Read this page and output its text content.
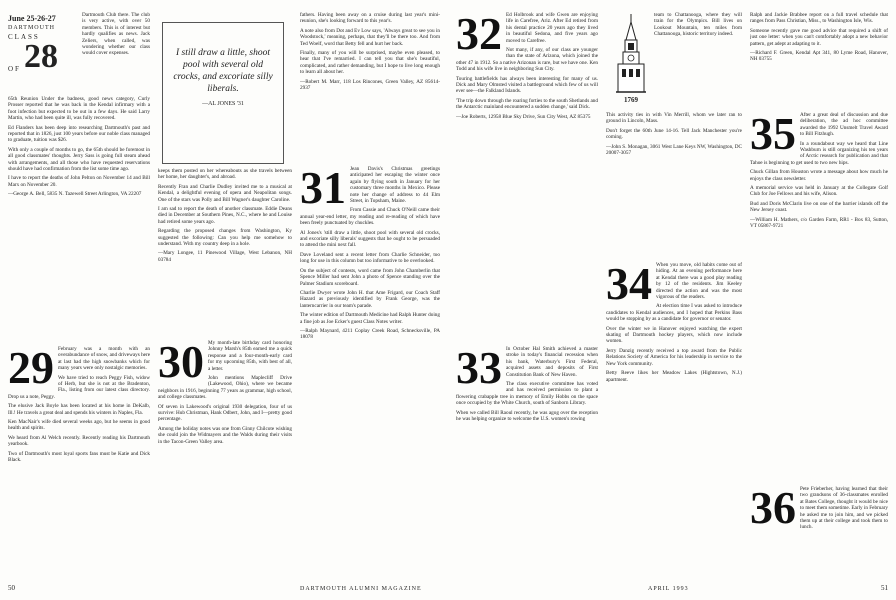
June 25-26-27
DARTMOUTH
CLASS
OF 28

Dartmouth Club there. The club is very active, with over 50 members. This is of interest but hardly qualifies as news. Jack Zeliers, when called, was wondering whether our class would cover expenses.

65th Reunion Under the badness, good news category, Curly Prosser reported that he was back in the Kendal infirmary with a foot infection but expected to be out in a few days. He said Larry Martin, who had been quite ill, was fully recovered.

Ed Flanders has been deep into researching Dartmouth's past and reported that in 1826, just 100 years before our noble class managed to graduate, tuition was $26.

With only a couple of months to go, the 65th should be foremost in all good classmates' thoughts. Jerry Sass is going full steam ahead with arrangements, and all those who have requested reservations should have had confirmation from the list some time ago.

I have to report the deaths of John Pelton on November 14 and Bill Marx on November 20.

—George A. Bell, 5835 N. Tazewell Street Arlington, VA 22207

29 February was a month with an overabundance of snow, and driveways here at last had the high snowbanks which for many years were only nostalgic memories.

We have tried to reach Peggy Fish, widow of Herb, but she is not at the Bradenton, Fla., listing from our latest class directory. Drop us a note, Peggy.

The elusive Jack Boyle has been located at his home in DeKalb, Ill.! He travels a great deal and spends his winters in Naples, Fla.

Ken MacNair's wife died several weeks ago, but he seems in good health and spirits.

We heard from Al Welch recently. Recently reading his Dartmouth yearbook.

Two of Dartmouth's most loyal sports fans must be Katie and Dick Black.

I still draw a little, shoot pool with several old crocks, and excoriate silly liberals.
—AL JONES '31

keeps them posted on her whereabouts as she travels between her home, her daughter's, and abroad.

Recently Fran and Charlie Dudley invited me to a musical at Kendal, a delightful evening of opera and Neapolitan songs. One of the stars was Polly and Bill Wagner's daughter Caroline.

I am sad to report the death of another classmate. Eddie Deans died in December at Southern Pines, N.C., where he and Louise had retired some years ago.

Regarding the proposed changes from Washington, Ky suggested the following: Can you help me somehow to understand. With my country deep in a hole.

—Mary Longee, 11 Pinewood Village, West Lebanon, NH 03784

30 My month-late birthday card honoring Johnny Marsh's 85th earned me a quick response and a four-month-early card for my upcoming 85th, with best of all, a letter.

John mentions Maplecliff Drive (Lakewood, Ohio), where we became neighbors in 1916, beginning 77 years as grammar, high school, and college classmates.

Of seven in Lakewood's original 1930 delegation, four of us survive: Hub Christman, Hank Odbert, John, and I—pretty good percentage.

Among the holiday notes was one from Ginny Chilcote wishing she could join the Widmayers and the Walds during their visits in the Tacon-Green Valley area.

fathers. Having been away on a cruise during last year's mini-reunion, she's looking forward to this year's.

A note also from Dot and Ev Low says, 'Always great to see you in Woodstock,' meaning, perhaps, that they'll be there too. And from Ted Woelf, word that Betty fell and hurt her back.

Finally, many of you will be surprised, maybe even pleased, to hear that I've remarried. I can tell you that she's beautiful, complicated, and rather demanding, but I hope to live long enough to learn all about her.

—Robert M. Marr, 118 Los Rincones, Green Valley, AZ 85614-2937

31 Jean Davis's Christmas greetings anticipated her escaping the winter once again by flying south in January for her customary three months in Mexico. Please note her change of address to 44 Elm Street, in Topsham, Maine.

From Cassie and Chuck O'Neill came their annual year-end letter, my reading and re-reading of which have been freely punctuated by chuckles.

Al Jones's 'still draw a little, shoot pool with several old crocks, and excoriate silly liberals' suggests that he ought to be persuaded to attend the mini next fall.

Dave Loveland sent a recent letter from Charlie Schneider, too long for use in this column but too informative to be overlooked.

On the subject of contests, word came from John Chamberlin that Spence Miller had sent John a photo of Spence standing over the Palmer Stadium scoreboard.

Charlie Dwyer wrote John H. that Ame Frigard, our Coach Staff Hazard as previously identified by Frank George, was the lanterncarrier in our team's parade.

The winter edition of Dartmouth Medicine had Ralph Hunter doing a fine job as Joe Ecker's guest Class Notes writer.

—Ralph Maynard, 4211 Coplay Creek Road, Schnecksville, PA 18078

50	DARTMOUTH ALUMNI MAGAZINE
32 Ed Holbrook and wife Gwen are enjoying life in Carefree, Ariz. After Ed retired from his dental practice 20 years ago they lived in beautiful Sedona, and five years ago moved to Carefree.

Not many, if any, of our class are younger than the state of Arizona, which joined the other 47 in 1912. So a native Arizonan is rare, but we have one. Ken Todd and his wife live in neighboring Sun City.

Touring battlefields has always been interesting for many of us. Dick and Mary Olmsted visited a battleground which few of us will ever see—the Falkland Islands.

'The trip down through the roaring forties to the south Shetlands and the Antarctic mainland encountered a sudden change,' said Dick.

—Joe Roberts, 12958 Blue Sky Drive, Sun City West, AZ 85375

33 In October Hal Smith achieved a master stroke in today's financial recession when his bank, Waterbury's First Federal, acquired assets and deposits of First Constitution Bank of New Haven.

The class executive committee has voted and has received permission to plant a flowering crabapple tree in memory of Emily Hobbs on the space once occupied by the White Church, south of Sanborn Library.

When we called Bill Raoul recently, he was agog over the reception he was helping organize to welcome the U.S. women's rowing

team to Chattanooga, where they will train for the Olympics. Bill lives on Lookout Mountain, ten miles from Chattanooga, historic territory indeed.

This activity ties in with Vin Merrill, whom we later ran to ground in Lincoln, Mass.

Don't forget the 60th June 14-16. Tell Jack Manchester you're coming.

—John S. Monagan, 3061 West Lane Keys NW, Washington, DC 20007-3057

34 When you move, old habits come out of hiding. At an evening performance here at Kendal there was a good play reading by 12 of the residents. Jim Keeley directed the action and was the most vigorous of the readers.

At election time I was asked to introduce candidates to Kendal audiences, and I hoped that Perkins Bass would be stopping by as a candidate for governor or senator.

Over the winter we in Hanover enjoyed watching the expert skating of Dartmouth hockey players, which now include women.

Jerry Danzig recently received a top award from the Public Relations Society of America for his leadership in service to the New York community.

Betty Reeve likes her Meadow Lakes (Hightstown, N.J.) apartment.

Ralph and Jackie Brabbee report on a full travel schedule that ranges from Pass Christian, Miss., to Washington Isle, Wis.

Someone recently gave me good advice that required a shift of just one letter: when you can't comfortably adopt a new behavior pattern, get adept at adapting to it.

—Richard F. Green, Kendal Apt 341, 80 Lyme Road, Hanover, NH 03755

35 After a great deal of discussion and due deliberation, the ad hoc committee awarded the 1992 Unsmelt Travel Award to Bill Fitzhugh.

In a roundabout way we heard that Line Washburn is still organizing his ten years of Arctic research for publication and that Tahoe is beginning to get used to two new hips.

Chuck Gillan from Houston wrote a message about how much he enjoys the class newsletter.

A memorial service was held in January at the Collegate Golf Club for Joe Fellows and his wife, Alison.

Bud and Doris McClarin live on one of the barrier islands off the New Jersey coast.

—William H. Mathers, c/o Garden Farm, RR1 - Box 83, Sutton, VT 05867-9721

36 Pete Frieberher, having learned that their two grandsons of 36-classmates enrolled at Bates College, thought it would be nice to meet them sometime. Early in February he asked me to join him, and we picked them up at their college and took them to lunch.

APRIL 1993	51
1769
